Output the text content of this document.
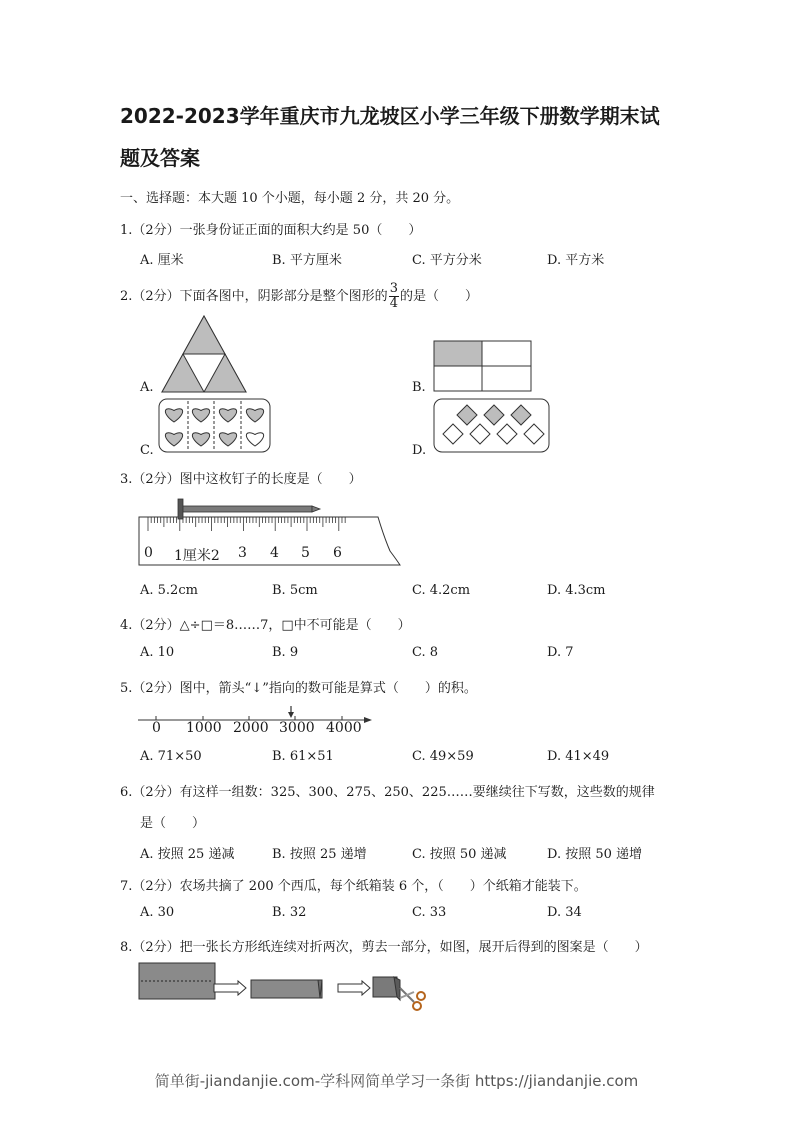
2022-2023学年重庆市九龙坡区小学三年级下册数学期末试
题及答案
一、选择题：本大题 10 个小题，每小题 2 分，共 20 分。
1.（2分）一张身份证正面的面积大约是 50（　　）
A. 厘米	B. 平方厘米	C. 平方分米	D. 平方米
2.（2分）下面各图中，阴影部分是整个图形的 $\frac{3}{4}$ 的是（　　）
A.	B.
C.	D.
3.（2分）图中这枚钉子的长度是（　　）
0 1厘米2 3 4 5 6
A. 5.2cm	B. 5cm	C. 4.2cm	D. 4.3cm
4.（2分）△÷□＝8……7，□中不可能是（　　）
A. 10	B. 9	C. 8	D. 7
5.（2分）图中，箭头“↓”指向的数可能是算式（　　）的积。
0 1000 2000 3000 4000
A. 71×50	B. 61×51	C. 49×59	D. 41×49
6.（2分）有这样一组数：325、300、275、250、225……要继续往下写数，这些数的规律
是（　　）
A. 按照 25 递减	B. 按照 25 递增	C. 按照 50 递减	D. 按照 50 递增
7.（2分）农场共摘了 200 个西瓜，每个纸箱装 6 个，（　　）个纸箱才能装下。
A. 30	B. 32	C. 33	D. 34
8.（2分）把一张长方形纸连续对折两次，剪去一部分，如图，展开后得到的图案是（　　）
简单街-jiandanjie.com-学科网简单学习一条街 https://jiandanjie.com
